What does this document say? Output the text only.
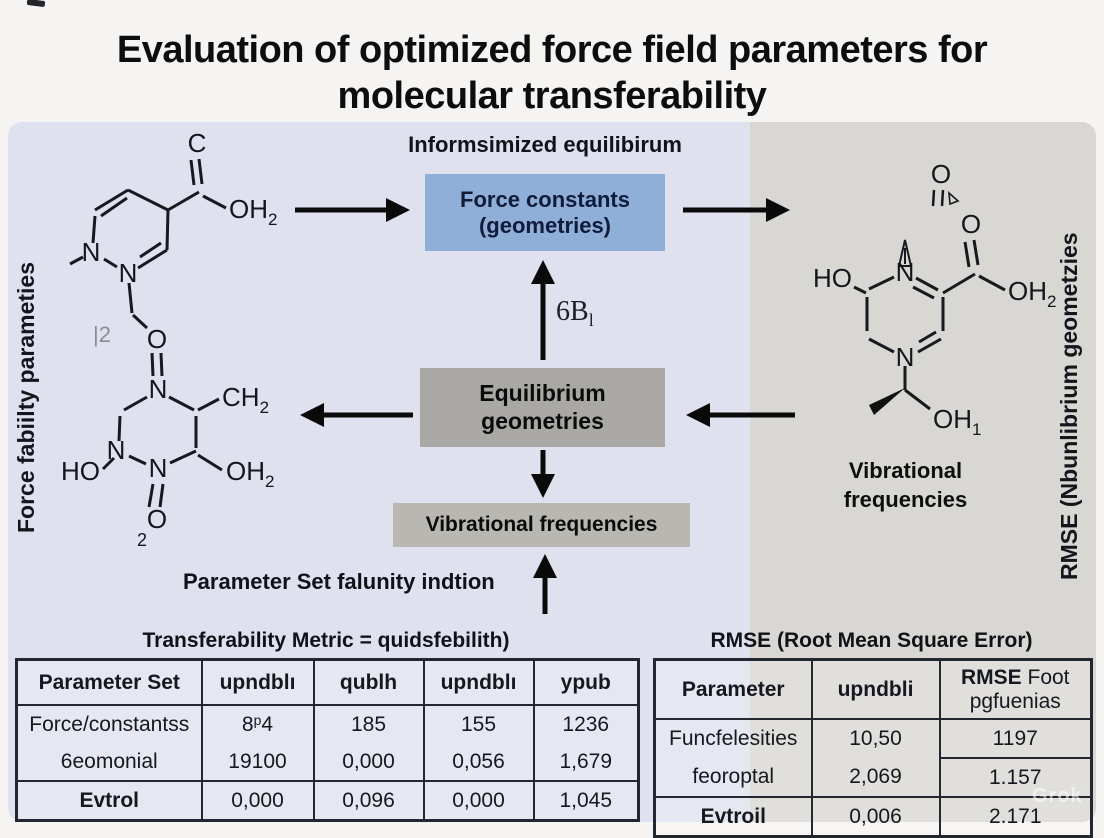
Evaluation of optimized force field parameters for
molecular transferability
Informsimized equilibirum
Force constants
(geometries)
Equilibrium
geometries
Vibrational frequencies
$6B_l$
Parameter Set falunity indtion
Force fabiilty parameties	RMSE (Nbunlibrium geometzies
Vibrational
frequencies
C
$OH_2$
N
N
|2 O
N $CH_2$
N
N
HO	$OH_2$
O
2
O
O
HO N
N
$OH_2$
$OH_1$
Transferability Metric = quidsfebilith)	RMSE (Root Mean Square Error)
Parameter Set	upndblı	qublh	upndblı	ypub
Force/constantss	8$^p$4	185	155	1236
6eomonial	19100	0,000	0,056	1,679
Evtrol	0,000	0,096	0,000	1,045
Parameter	upndbli	RMSE Foot
pgfuenias
Funcfelesities	10,50	1197
feoroptal	2,069	1.157
Evtroil	0,006	2.171
Grok
